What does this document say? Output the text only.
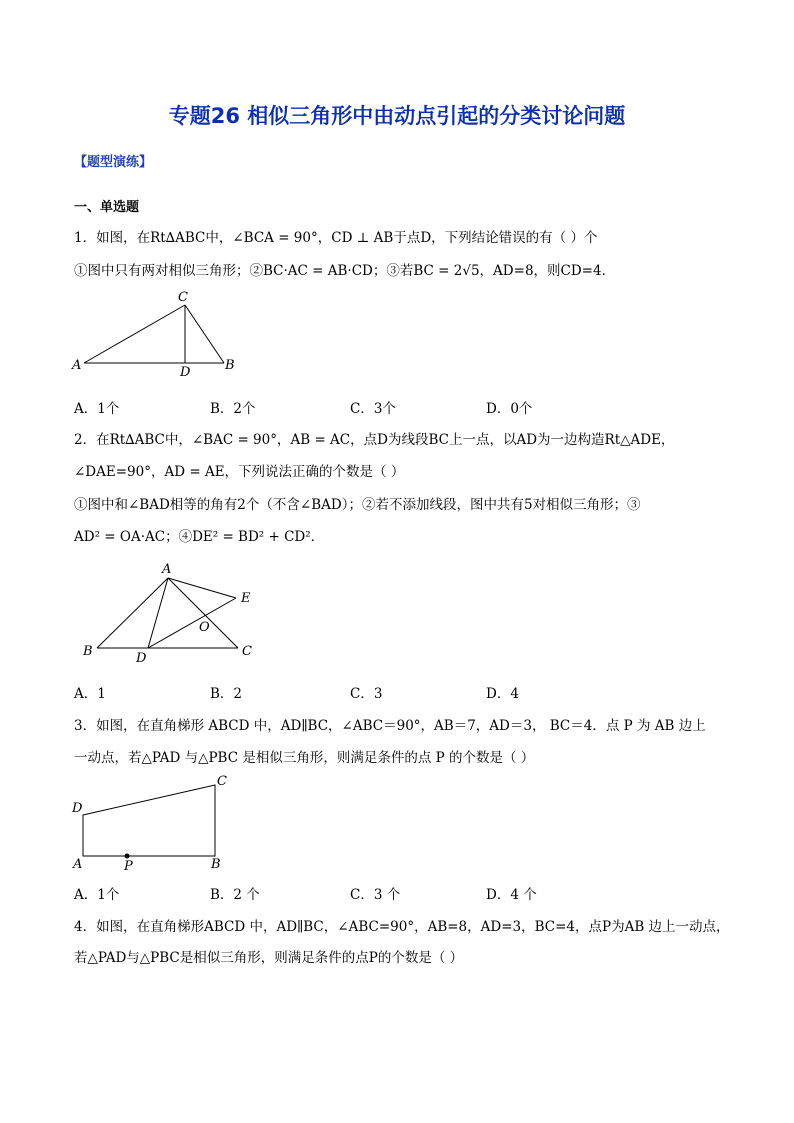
专题26 相似三角形中由动点引起的分类讨论问题
【题型演练】
一、单选题
1．如图，在Rt∆ABC中，∠BCA = 90°，CD ⊥ AB于点D，下列结论错误的有（ ）个
①图中只有两对相似三角形；②BC·AC = AB·CD；③若BC = 2√5，AD=8，则CD=4．
C
A	D	B
A．1个	B．2个	C．3个	D．0个
2．在Rt∆ABC中，∠BAC = 90°，AB = AC，点D为线段BC上一点，以AD为一边构造Rt△ADE，
∠DAE=90°，AD = AE，下列说法正确的个数是（ ）
①图中和∠BAD相等的角有2个（不含∠BAD）；②若不添加线段，图中共有5对相似三角形；③
AD² = OA·AC；④DE² = BD² + CD²．
A
E
O
B	D	C
A．1	B．2	C．3	D．4
3．如图，在直角梯形 ABCD 中，AD∥BC，∠ABC＝90°，AB＝7，AD＝3， BC＝4．点 P 为 AB 边上
一动点，若△PAD 与△PBC 是相似三角形，则满足条件的点 P 的个数是（ ）
C
D
A	P	B
A．1个	B．2 个	C．3 个	D．4 个
4．如图，在直角梯形ABCD 中，AD∥BC，∠ABC=90°，AB=8，AD=3，BC=4，点P为AB 边上一动点，
若△PAD与△PBC是相似三角形，则满足条件的点P的个数是（ ）
